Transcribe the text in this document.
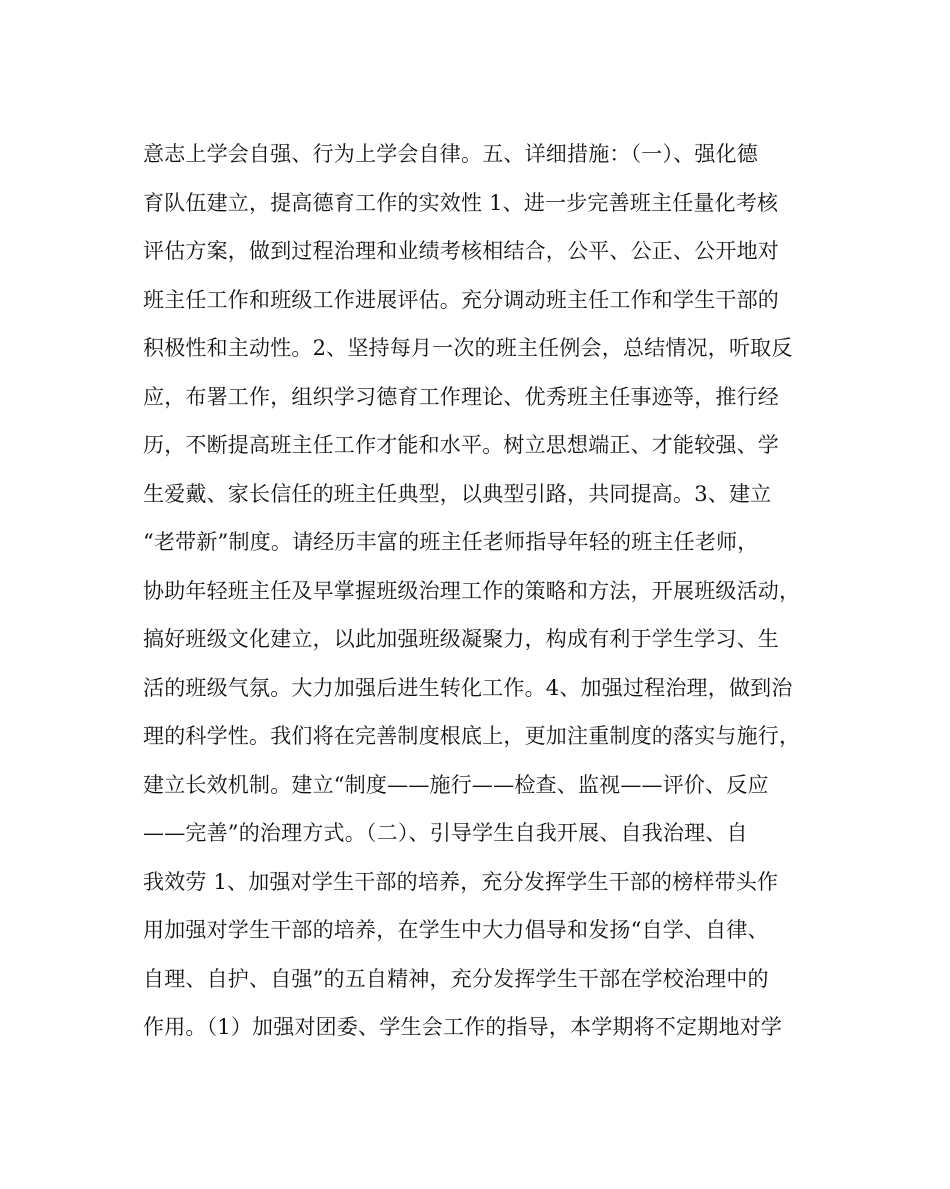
意志上学会自强、行为上学会自律。五、详细措施：（一）、强化德
育队伍建立，提高德育工作的实效性 1、进一步完善班主任量化考核
评估方案，做到过程治理和业绩考核相结合，公平、公正、公开地对
班主任工作和班级工作进展评估。充分调动班主任工作和学生干部的
积极性和主动性。2、坚持每月一次的班主任例会，总结情况，听取反
应，布署工作，组织学习德育工作理论、优秀班主任事迹等，推行经
历，不断提高班主任工作才能和水平。树立思想端正、才能较强、学
生爱戴、家长信任的班主任典型，以典型引路，共同提高。3、建立
“老带新”制度。请经历丰富的班主任老师指导年轻的班主任老师，
协助年轻班主任及早掌握班级治理工作的策略和方法，开展班级活动，
搞好班级文化建立，以此加强班级凝聚力，构成有利于学生学习、生
活的班级气氛。大力加强后进生转化工作。4、加强过程治理，做到治
理的科学性。我们将在完善制度根底上，更加注重制度的落实与施行，
建立长效机制。建立“制度——施行——检查、监视——评价、反应
——完善”的治理方式。（二）、引导学生自我开展、自我治理、自
我效劳 1、加强对学生干部的培养，充分发挥学生干部的榜样带头作
用加强对学生干部的培养，在学生中大力倡导和发扬“自学、自律、
自理、自护、自强”的五自精神，充分发挥学生干部在学校治理中的
作用。（1）加强对团委、学生会工作的指导，本学期将不定期地对学
